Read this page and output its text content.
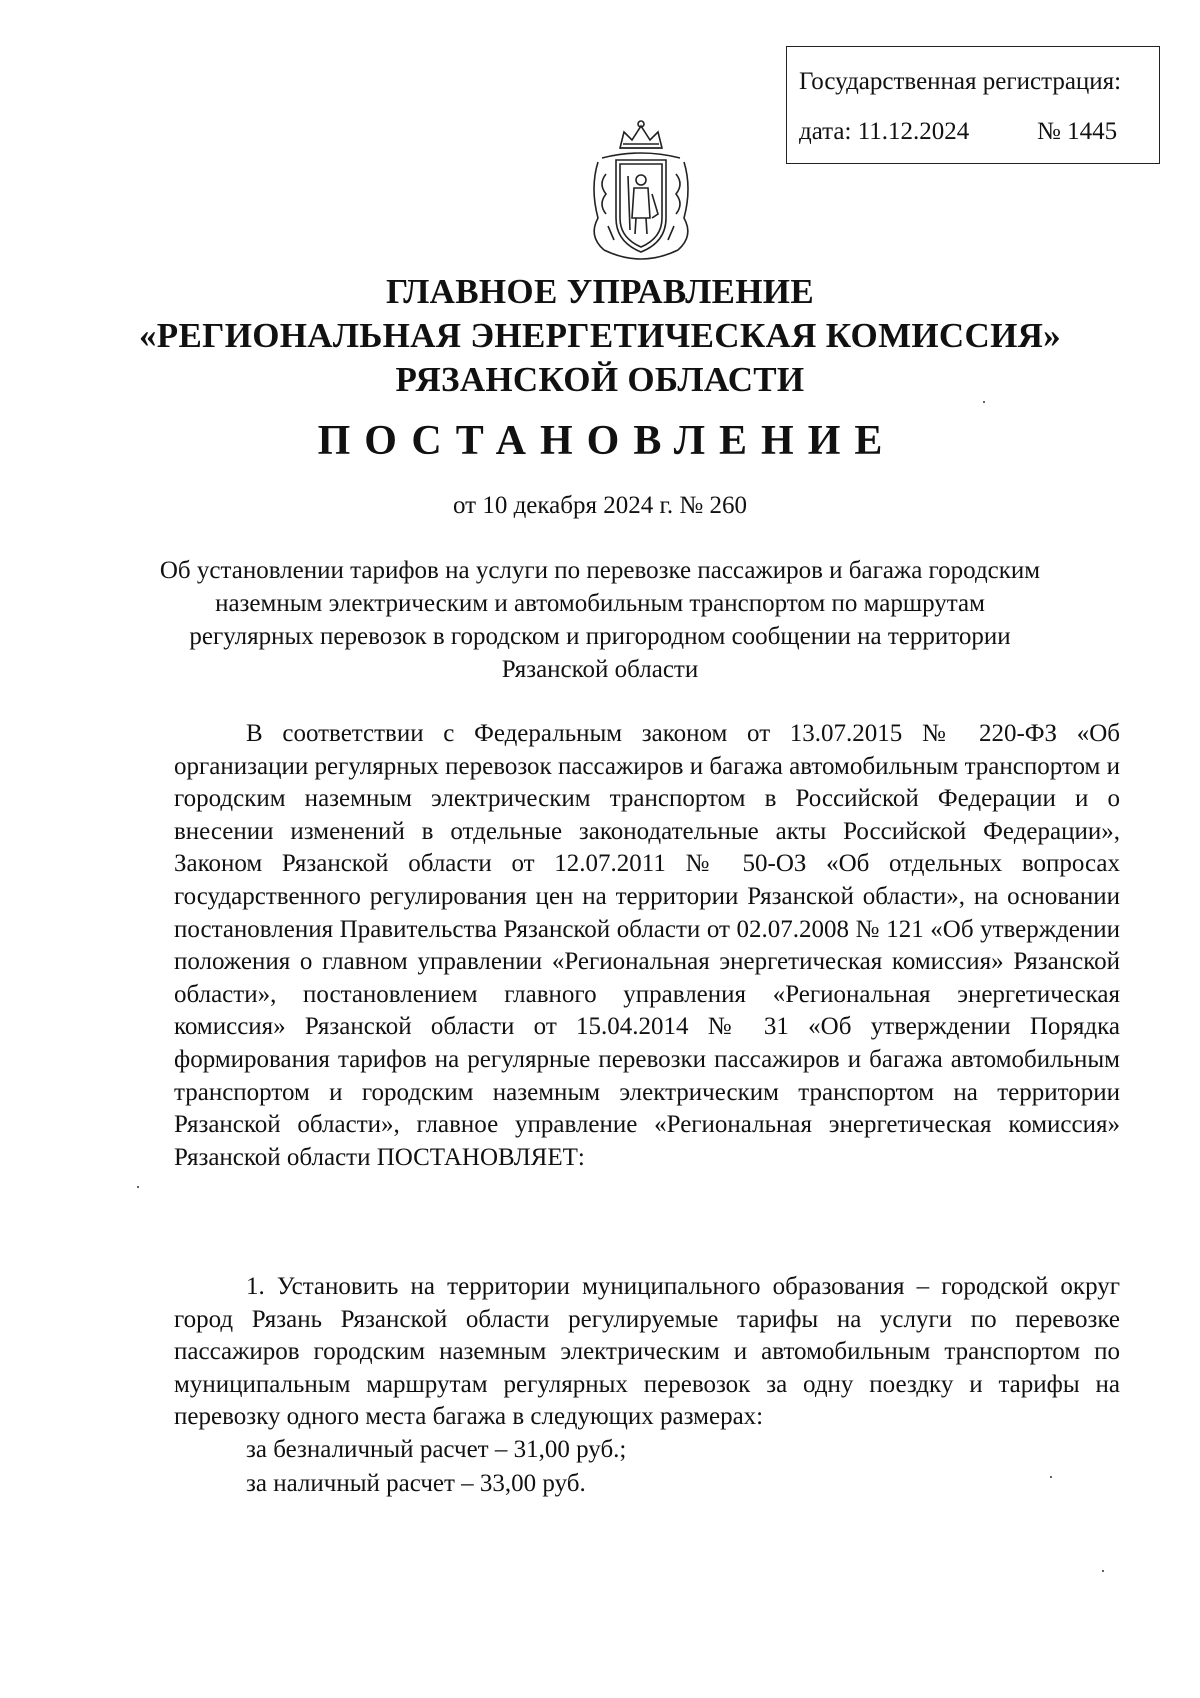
Государственная регистрация:
дата: 11.12.2024	№ 1445
ГЛАВНОЕ УПРАВЛЕНИЕ
«РЕГИОНАЛЬНАЯ ЭНЕРГЕТИЧЕСКАЯ КОМИССИЯ»
РЯЗАНСКОЙ ОБЛАСТИ
ПОСТАНОВЛЕНИЕ
от 10 декабря 2024 г. № 260
Об установлении тарифов на услуги по перевозке пассажиров и багажа городским наземным электрическим и автомобильным транспортом по маршрутам регулярных перевозок в городском и пригородном сообщении на территории Рязанской области

В соответствии с Федеральным законом от 13.07.2015 № 220-ФЗ «Об организации регулярных перевозок пассажиров и багажа автомобильным транспортом и городским наземным электрическим транспортом в Российской Федерации и о внесении изменений в отдельные законодательные акты Российской Федерации», Законом Рязанской области от 12.07.2011 № 50-ОЗ «Об отдельных вопросах государственного регулирования цен на территории Рязанской области», на основании постановления Правительства Рязанской области от 02.07.2008 № 121 «Об утверждении положения о главном управлении «Региональная энергетическая комиссия» Рязанской области», постановлением главного управления «Региональная энергетическая комиссия» Рязанской области от 15.04.2014 № 31 «Об утверждении Порядка формирования тарифов на регулярные перевозки пассажиров и багажа автомобильным транспортом и городским наземным электрическим транспортом на территории Рязанской области», главное управление «Региональная энергетическая комиссия» Рязанской области ПОСТАНОВЛЯЕТ:

1. Установить на территории муниципального образования – городской округ город Рязань Рязанской области регулируемые тарифы на услуги по перевозке пассажиров городским наземным электрическим и автомобильным транспортом по муниципальным маршрутам регулярных перевозок за одну поездку и тарифы на перевозку одного места багажа в следующих размерах:

за безналичный расчет – 31,00 руб.;
за наличный расчет – 33,00 руб.
